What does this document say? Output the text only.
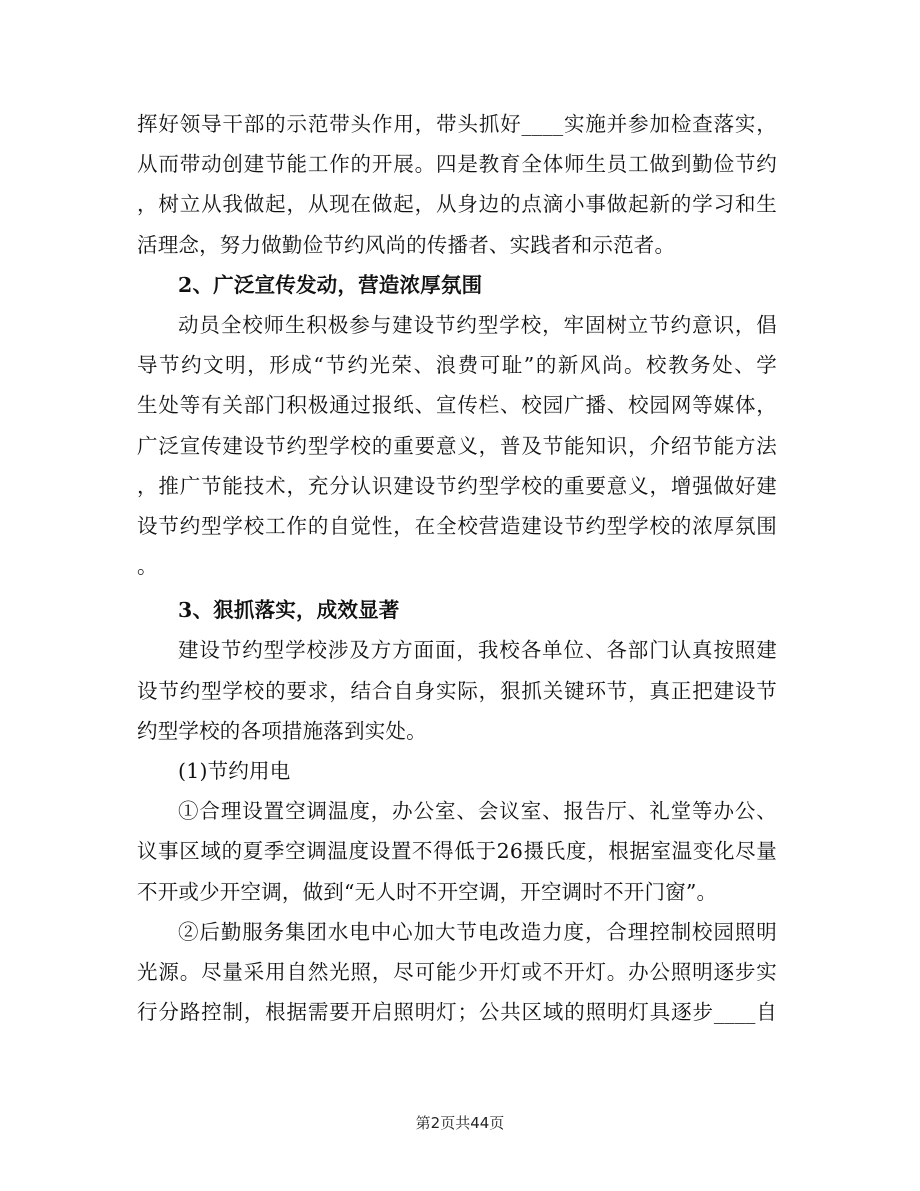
挥好领导干部的示范带头作用，带头抓好____实施并参加检查落实，
从而带动创建节能工作的开展。四是教育全体师生员工做到勤俭节约
，树立从我做起，从现在做起，从身边的点滴小事做起新的学习和生
活理念，努力做勤俭节约风尚的传播者、实践者和示范者。
2、广泛宣传发动，营造浓厚氛围
动员全校师生积极参与建设节约型学校，牢固树立节约意识，倡
导节约文明，形成“节约光荣、浪费可耻”的新风尚。校教务处、学
生处等有关部门积极通过报纸、宣传栏、校园广播、校园网等媒体，
广泛宣传建设节约型学校的重要意义，普及节能知识，介绍节能方法
，推广节能技术，充分认识建设节约型学校的重要意义，增强做好建
设节约型学校工作的自觉性，在全校营造建设节约型学校的浓厚氛围
。
3、狠抓落实，成效显著
建设节约型学校涉及方方面面，我校各单位、各部门认真按照建
设节约型学校的要求，结合自身实际，狠抓关键环节，真正把建设节
约型学校的各项措施落到实处。
(1)节约用电
①合理设置空调温度，办公室、会议室、报告厅、礼堂等办公、
议事区域的夏季空调温度设置不得低于26摄氏度，根据室温变化尽量
不开或少开空调，做到“无人时不开空调，开空调时不开门窗”。
②后勤服务集团水电中心加大节电改造力度，合理控制校园照明
光源。尽量采用自然光照，尽可能少开灯或不开灯。办公照明逐步实
行分路控制，根据需要开启照明灯；公共区域的照明灯具逐步____自
第2页共44页
